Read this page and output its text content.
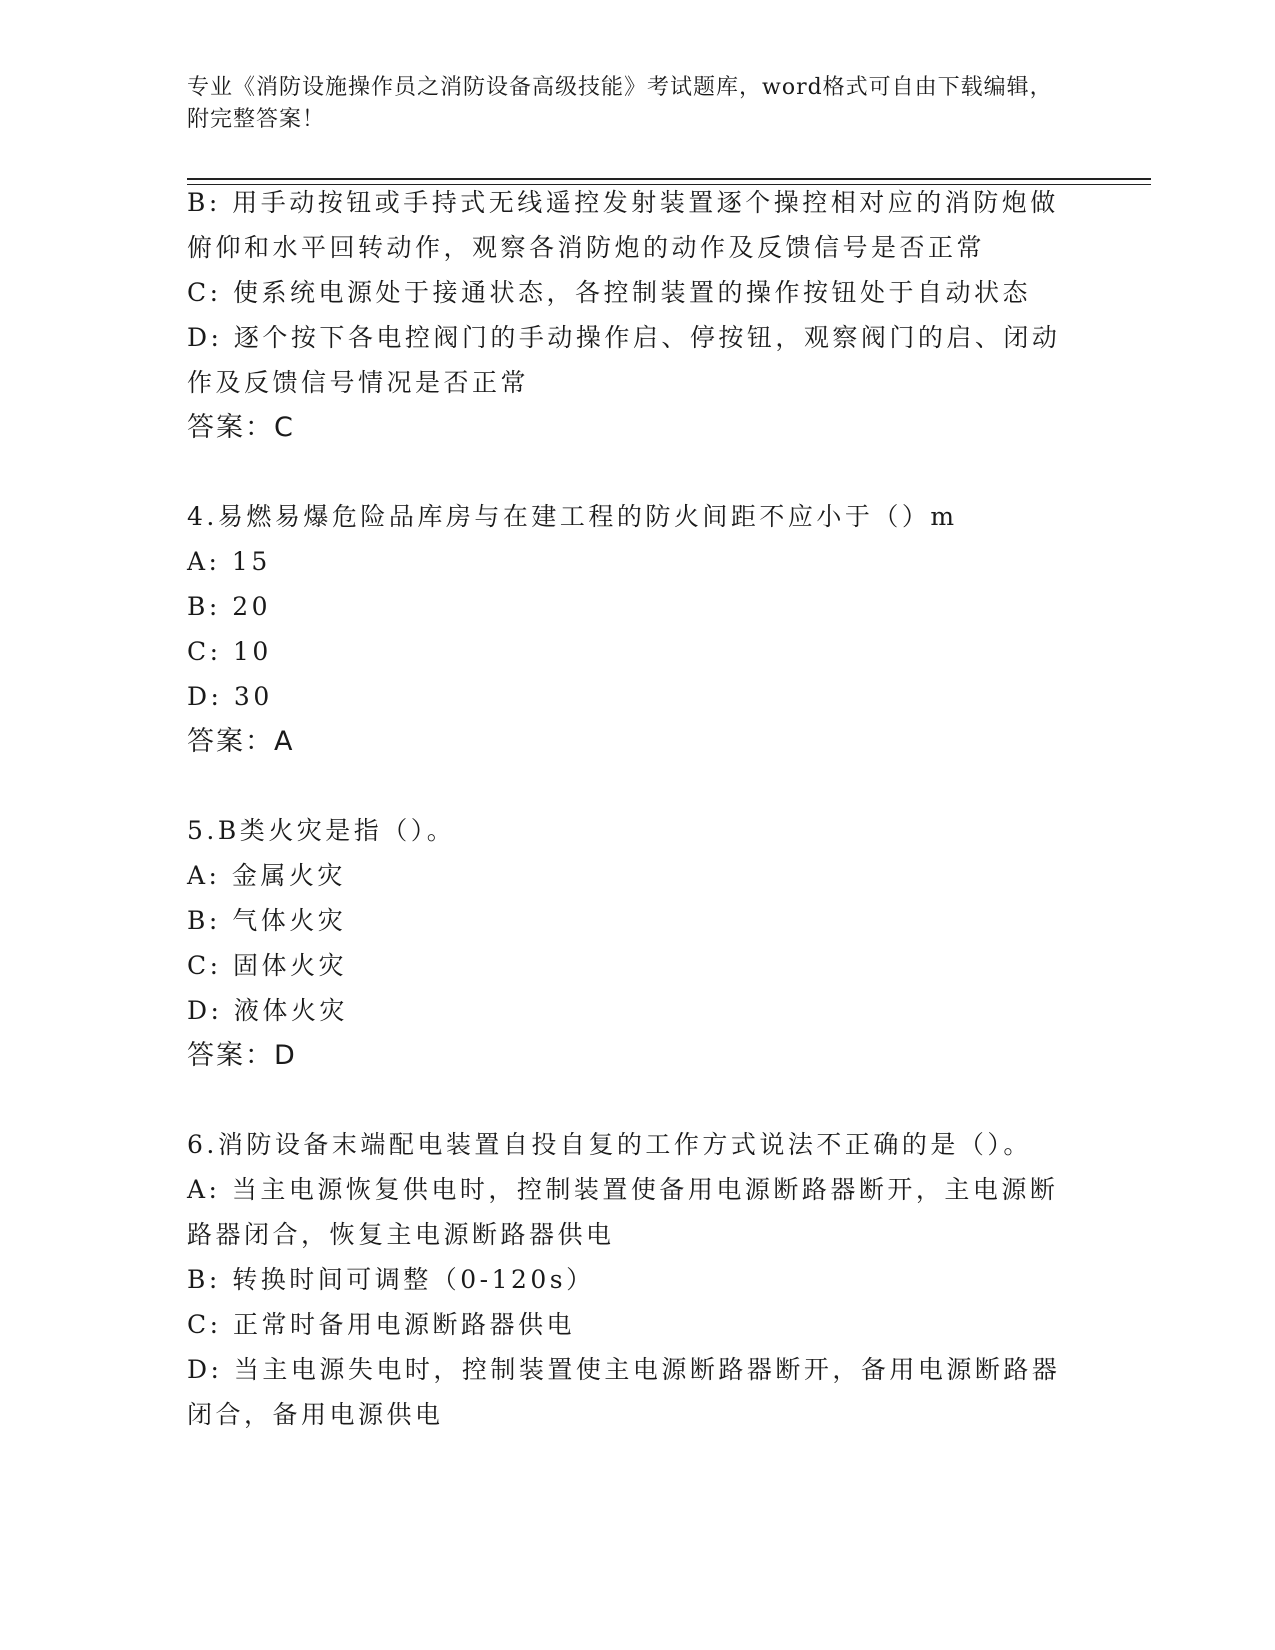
专业《消防设施操作员之消防设备高级技能》考试题库，word格式可自由下载编辑，附完整答案！
B: 用手动按钮或手持式无线遥控发射装置逐个操控相对应的消防炮做
俯仰和水平回转动作，观察各消防炮的动作及反馈信号是否正常
C: 使系统电源处于接通状态，各控制装置的操作按钮处于自动状态
D: 逐个按下各电控阀门的手动操作启、停按钮，观察阀门的启、闭动
作及反馈信号情况是否正常
答案：C
4.易燃易爆危险品库房与在建工程的防火间距不应小于（）m
A: 15
B: 20
C: 10
D: 30
答案：A
5.B类火灾是指（）。
A: 金属火灾
B: 气体火灾
C: 固体火灾
D: 液体火灾
答案：D
6.消防设备末端配电装置自投自复的工作方式说法不正确的是（）。
A: 当主电源恢复供电时，控制装置使备用电源断路器断开，主电源断
路器闭合，恢复主电源断路器供电
B: 转换时间可调整（0-120s）
C: 正常时备用电源断路器供电
D: 当主电源失电时，控制装置使主电源断路器断开，备用电源断路器
闭合，备用电源供电
